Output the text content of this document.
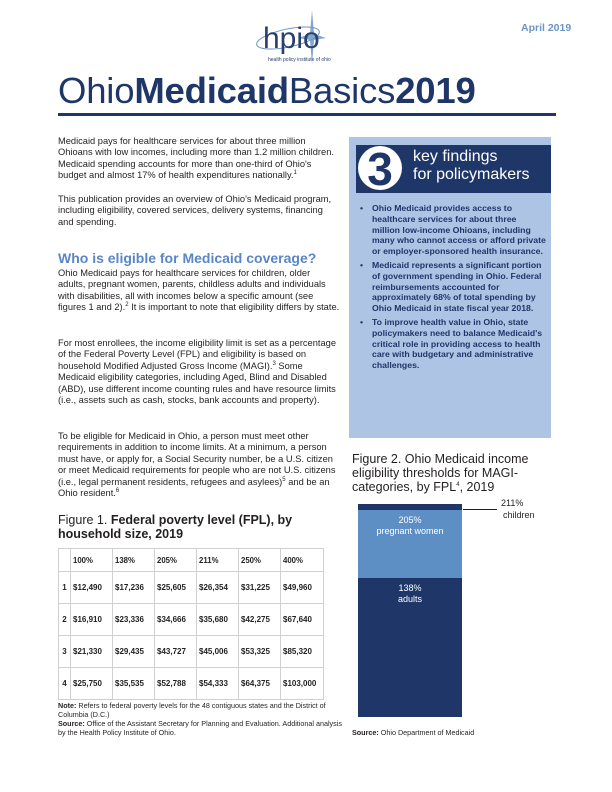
hpio
health policy institute of ohio
April 2019
OhioMedicaidBasics2019
Medicaid pays for healthcare services for about three million Ohioans with low incomes, including more than 1.2 million children. Medicaid spending accounts for more than one-third of Ohio's budget and almost 17% of health expenditures nationally.$^1$
This publication provides an overview of Ohio's Medicaid program, including eligibility, covered services, delivery systems, financing and spending.
Who is eligible for Medicaid coverage?
Ohio Medicaid pays for healthcare services for children, older adults, pregnant women, parents, childless adults and individuals with disabilities, all with incomes below a specific amount (see figures 1 and 2).$^2$ It is important to note that eligibility differs by state.
For most enrollees, the income eligibility limit is set as a percentage of the Federal Poverty Level (FPL) and eligibility is based on household Modified Adjusted Gross Income (MAGI).$^3$ Some Medicaid eligibility categories, including Aged, Blind and Disabled (ABD), use different income counting rules and have resource limits (i.e., assets such as cash, stocks, bank accounts and property).
To be eligible for Medicaid in Ohio, a person must meet other requirements in addition to income limits. At a minimum, a person must have, or apply for, a Social Security number, be a U.S. citizen or meet Medicaid requirements for people who are not U.S. citizens (i.e., legal permanent residents, refugees and asylees)$^5$ and be an Ohio resident.$^6$
Figure 1. Federal poverty level (FPL), by household size, 2019
	100%	138%	205%	211%	250%	400%
1	$12,490	$17,236	$25,605	$26,354	$31,225	$49,960
2	$16,910	$23,336	$34,666	$35,680	$42,275	$67,640
3	$21,330	$29,435	$43,727	$45,006	$53,325	$85,320
4	$25,750	$35,535	$52,788	$54,333	$64,375	$103,000
Note: Refers to federal poverty levels for the 48 contiguous states and the District of Columbia (D.C.)
Source: Office of the Assistant Secretary for Planning and Evaluation. Additional analysis by the Health Policy Institute of Ohio.
3	key findings
for policymakers
• Ohio Medicaid provides access to healthcare services for about three million low-income Ohioans, including many who cannot access or afford private or employer-sponsored health insurance.
• Medicaid represents a significant portion of government spending in Ohio. Federal reimbursements accounted for approximately 68% of total spending by Ohio Medicaid in state fiscal year 2018.
• To improve health value in Ohio, state policymakers need to balance Medicaid's critical role in providing access to health care with budgetary and administrative challenges.
Figure 2. Ohio Medicaid income eligibility thresholds for MAGI-categories, by FPL$^4$, 2019
205%
pregnant women
138%
adults
211%
children
Source: Ohio Department of Medicaid
